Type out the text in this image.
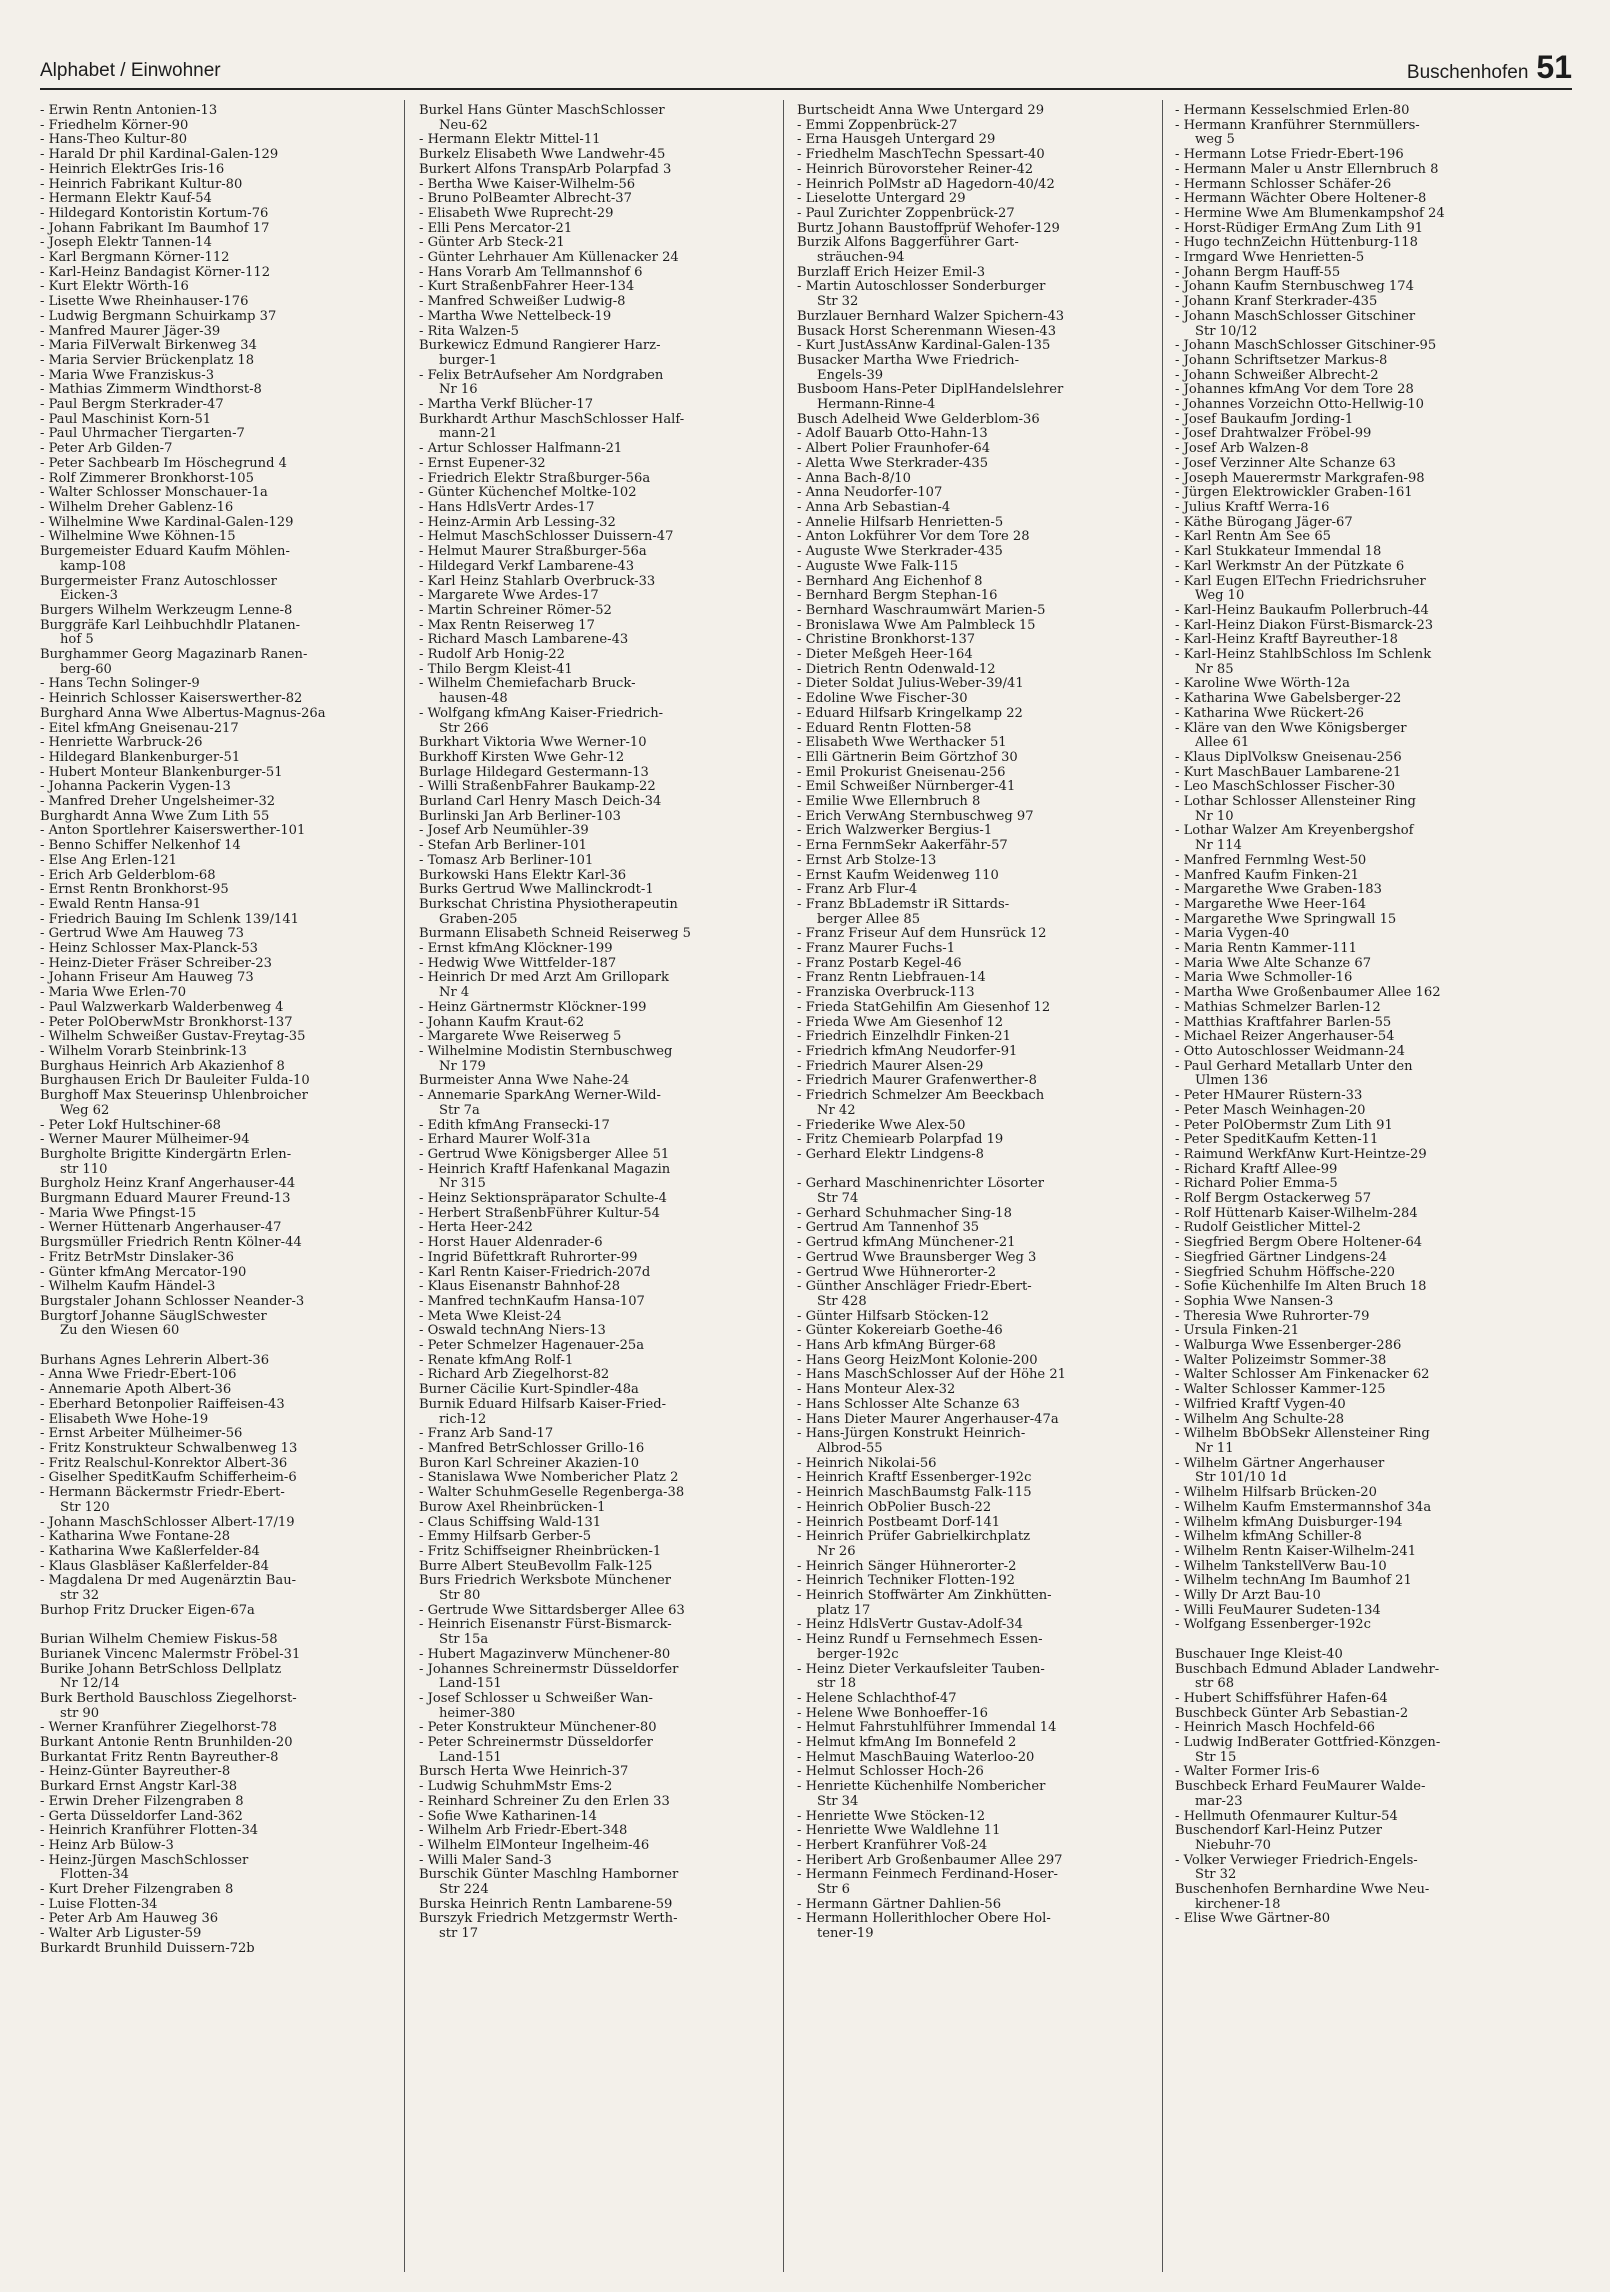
Alphabet / Einwohner	Buschenhofen 51
- Erwin Rentn Antonien-13
- Friedhelm Körner-90
- Hans-Theo Kultur-80
- Harald Dr phil Kardinal-Galen-129
- Heinrich ElektrGes Iris-16
- Heinrich Fabrikant Kultur-80
- Hermann Elektr Kauf-54
- Hildegard Kontoristin Kortum-76
- Johann Fabrikant Im Baumhof 17
- Joseph Elektr Tannen-14
- Karl Bergmann Körner-112
- Karl-Heinz Bandagist Körner-112
- Kurt Elektr Wörth-16
- Lisette Wwe Rheinhauser-176
- Ludwig Bergmann Schuirkamp 37
- Manfred Maurer Jäger-39
- Maria FilVerwalt Birkenweg 34
- Maria Servier Brückenplatz 18
- Maria Wwe Franziskus-3
- Mathias Zimmerm Windthorst-8
- Paul Bergm Sterkrader-47
- Paul Maschinist Korn-51
- Paul Uhrmacher Tiergarten-7
- Peter Arb Gilden-7
- Peter Sachbearb Im Höschegrund 4
- Rolf Zimmerer Bronkhorst-105
- Walter Schlosser Monschauer-1a
- Wilhelm Dreher Gablenz-16
- Wilhelmine Wwe Kardinal-Galen-129
- Wilhelmine Wwe Köhnen-15
Burgemeister Eduard Kaufm Möhlen-
kamp-108
Burgermeister Franz Autoschlosser
Eicken-3
Burgers Wilhelm Werkzeugm Lenne-8
Burggräfe Karl Leihbuchhdlr Platanen-
hof 5
Burghammer Georg Magazinarb Ranen-
berg-60
- Hans Techn Solinger-9
- Heinrich Schlosser Kaiserswerther-82
Burghard Anna Wwe Albertus-Magnus-26a
- Eitel kfmAng Gneisenau-217
- Henriette Warbruck-26
- Hildegard Blankenburger-51
- Hubert Monteur Blankenburger-51
- Johanna Packerin Vygen-13
- Manfred Dreher Ungelsheimer-32
Burghardt Anna Wwe Zum Lith 55
- Anton Sportlehrer Kaiserswerther-101
- Benno Schiffer Nelkenhof 14
- Else Ang Erlen-121
- Erich Arb Gelderblom-68
- Ernst Rentn Bronkhorst-95
- Ewald Rentn Hansa-91
- Friedrich Bauing Im Schlenk 139/141
- Gertrud Wwe Am Hauweg 73
- Heinz Schlosser Max-Planck-53
- Heinz-Dieter Fräser Schreiber-23
- Johann Friseur Am Hauweg 73
- Maria Wwe Erlen-70
- Paul Walzwerkarb Walderbenweg 4
- Peter PolOberwMstr Bronkhorst-137
- Wilhelm Schweißer Gustav-Freytag-35
- Wilhelm Vorarb Steinbrink-13
Burghaus Heinrich Arb Akazienhof 8
Burghausen Erich Dr Bauleiter Fulda-10
Burghoff Max Steuerinsp Uhlenbroicher
Weg 62
- Peter Lokf Hultschiner-68
- Werner Maurer Mülheimer-94
Burgholte Brigitte Kindergärtn Erlen-
str 110
Burgholz Heinz Kranf Angerhauser-44
Burgmann Eduard Maurer Freund-13
- Maria Wwe Pfingst-15
- Werner Hüttenarb Angerhauser-47
Burgsmüller Friedrich Rentn Kölner-44
- Fritz BetrMstr Dinslaker-36
- Günter kfmAng Mercator-190
- Wilhelm Kaufm Händel-3
Burgstaler Johann Schlosser Neander-3
Burgtorf Johanne SäuglSchwester
Zu den Wiesen 60

Burhans Agnes Lehrerin Albert-36
- Anna Wwe Friedr-Ebert-106
- Annemarie Apoth Albert-36
- Eberhard Betonpolier Raiffeisen-43
- Elisabeth Wwe Hohe-19
- Ernst Arbeiter Mülheimer-56
- Fritz Konstrukteur Schwalbenweg 13
- Fritz Realschul-Konrektor Albert-36
- Giselher SpeditKaufm Schifferheim-6
- Hermann Bäckermstr Friedr-Ebert-
Str 120
- Johann MaschSchlosser Albert-17/19
- Katharina Wwe Fontane-28
- Katharina Wwe Kaßlerfelder-84
- Klaus Glasbläser Kaßlerfelder-84
- Magdalena Dr med Augenärztin Bau-
str 32
Burhop Fritz Drucker Eigen-67a

Burian Wilhelm Chemiew Fiskus-58
Burianek Vincenc Malermstr Fröbel-31
Burike Johann BetrSchloss Dellplatz
Nr 12/14
Burk Berthold Bauschloss Ziegelhorst-
str 90
- Werner Kranführer Ziegelhorst-78
Burkant Antonie Rentn Brunhilden-20
Burkantat Fritz Rentn Bayreuther-8
- Heinz-Günter Bayreuther-8
Burkard Ernst Angstr Karl-38
- Erwin Dreher Filzengraben 8
- Gerta Düsseldorfer Land-362
- Heinrich Kranführer Flotten-34
- Heinz Arb Bülow-3
- Heinz-Jürgen MaschSchlosser
Flotten-34
- Kurt Dreher Filzengraben 8
- Luise Flotten-34
- Peter Arb Am Hauweg 36
- Walter Arb Liguster-59
Burkardt Brunhild Duissern-72b
Burkel Hans Günter MaschSchlosser
Neu-62
- Hermann Elektr Mittel-11
Burkelz Elisabeth Wwe Landwehr-45
Burkert Alfons TranspArb Polarpfad 3
- Bertha Wwe Kaiser-Wilhelm-56
- Bruno PolBeamter Albrecht-37
- Elisabeth Wwe Ruprecht-29
- Elli Pens Mercator-21
- Günter Arb Steck-21
- Günter Lehrhauer Am Küllenacker 24
- Hans Vorarb Am Tellmannshof 6
- Kurt StraßenbFahrer Heer-134
- Manfred Schweißer Ludwig-8
- Martha Wwe Nettelbeck-19
- Rita Walzen-5
Burkewicz Edmund Rangierer Harz-
burger-1
- Felix BetrAufseher Am Nordgraben
Nr 16
- Martha Verkf Blücher-17
Burkhardt Arthur MaschSchlosser Half-
mann-21
- Artur Schlosser Halfmann-21
- Ernst Eupener-32
- Friedrich Elektr Straßburger-56a
- Günter Küchenchef Moltke-102
- Hans HdlsVertr Ardes-17
- Heinz-Armin Arb Lessing-32
- Helmut MaschSchlosser Duissern-47
- Helmut Maurer Straßburger-56a
- Hildegard Verkf Lambarene-43
- Karl Heinz Stahlarb Overbruck-33
- Margarete Wwe Ardes-17
- Martin Schreiner Römer-52
- Max Rentn Reiserweg 17
- Richard Masch Lambarene-43
- Rudolf Arb Honig-22
- Thilo Bergm Kleist-41
- Wilhelm Chemiefacharb Bruck-
hausen-48
- Wolfgang kfmAng Kaiser-Friedrich-
Str 266
Burkhart Viktoria Wwe Werner-10
Burkhoff Kirsten Wwe Gehr-12
Burlage Hildegard Gestermann-13
- Willi StraßenbFahrer Baukamp-22
Burland Carl Henry Masch Deich-34
Burlinski Jan Arb Berliner-103
- Josef Arb Neumühler-39
- Stefan Arb Berliner-101
- Tomasz Arb Berliner-101
Burkowski Hans Elektr Karl-36
Burks Gertrud Wwe Mallinckrodt-1
Burkschat Christina Physiotherapeutin
Graben-205
Burmann Elisabeth Schneid Reiserweg 5
- Ernst kfmAng Klöckner-199
- Hedwig Wwe Wittfelder-187
- Heinrich Dr med Arzt Am Grillopark
Nr 4
- Heinz Gärtnermstr Klöckner-199
- Johann Kaufm Kraut-62
- Margarete Wwe Reiserweg 5
- Wilhelmine Modistin Sternbuschweg
Nr 179
Burmeister Anna Wwe Nahe-24
- Annemarie SparkAng Werner-Wild-
Str 7a
- Edith kfmAng Fransecki-17
- Erhard Maurer Wolf-31a
- Gertrud Wwe Königsberger Allee 51
- Heinrich Kraftf Hafenkanal Magazin
Nr 315
- Heinz Sektionspräparator Schulte-4
- Herbert StraßenbFührer Kultur-54
- Herta Heer-242
- Horst Hauer Aldenrader-6
- Ingrid Büfettkraft Ruhrorter-99
- Karl Rentn Kaiser-Friedrich-207d
- Klaus Eisenanstr Bahnhof-28
- Manfred technKaufm Hansa-107
- Meta Wwe Kleist-24
- Oswald technAng Niers-13
- Peter Schmelzer Hagenauer-25a
- Renate kfmAng Rolf-1
- Richard Arb Ziegelhorst-82
Burner Cäcilie Kurt-Spindler-48a
Burnik Eduard Hilfsarb Kaiser-Fried-
rich-12
- Franz Arb Sand-17
- Manfred BetrSchlosser Grillo-16
Buron Karl Schreiner Akazien-10
- Stanislawa Wwe Nombericher Platz 2
- Walter SchuhmGeselle Regenberga-38
Burow Axel Rheinbrücken-1
- Claus Schiffsing Wald-131
- Emmy Hilfsarb Gerber-5
- Fritz Schiffseigner Rheinbrücken-1
Burre Albert SteuBevollm Falk-125
Burs Friedrich Werksbote Münchener
Str 80
- Gertrude Wwe Sittardsberger Allee 63
- Heinrich Eisenanstr Fürst-Bismarck-
Str 15a
- Hubert Magazinverw Münchener-80
- Johannes Schreinermstr Düsseldorfer
Land-151
- Josef Schlosser u Schweißer Wan-
heimer-380
- Peter Konstrukteur Münchener-80
- Peter Schreinermstr Düsseldorfer
Land-151
Bursch Herta Wwe Heinrich-37
- Ludwig SchuhmMstr Ems-2
- Reinhard Schreiner Zu den Erlen 33
- Sofie Wwe Katharinen-14
- Wilhelm Arb Friedr-Ebert-348
- Wilhelm ElMonteur Ingelheim-46
- Willi Maler Sand-3
Burschik Günter Maschlng Hamborner
Str 224
Burska Heinrich Rentn Lambarene-59
Burszyk Friedrich Metzgermstr Werth-
str 17
Burtscheidt Anna Wwe Untergard 29
- Emmi Zoppenbrück-27
- Erna Hausgeh Untergard 29
- Friedhelm MaschTechn Spessart-40
- Heinrich Bürovorsteher Reiner-42
- Heinrich PolMstr aD Hagedorn-40/42
- Lieselotte Untergard 29
- Paul Zurichter Zoppenbrück-27
Burtz Johann Baustoffprüf Wehofer-129
Burzik Alfons Baggerführer Gart-
sträuchen-94
Burzlaff Erich Heizer Emil-3
- Martin Autoschlosser Sonderburger
Str 32
Burzlauer Bernhard Walzer Spichern-43
Busack Horst Scherenmann Wiesen-43
- Kurt JustAssAnw Kardinal-Galen-135
Busacker Martha Wwe Friedrich-
Engels-39
Busboom Hans-Peter DiplHandelslehrer
Hermann-Rinne-4
Busch Adelheid Wwe Gelderblom-36
- Adolf Bauarb Otto-Hahn-13
- Albert Polier Fraunhofer-64
- Aletta Wwe Sterkrader-435
- Anna Bach-8/10
- Anna Neudorfer-107
- Anna Arb Sebastian-4
- Annelie Hilfsarb Henrietten-5
- Anton Lokführer Vor dem Tore 28
- Auguste Wwe Sterkrader-435
- Auguste Wwe Falk-115
- Bernhard Ang Eichenhof 8
- Bernhard Bergm Stephan-16
- Bernhard Waschraumwärt Marien-5
- Bronislawa Wwe Am Palmbleck 15
- Christine Bronkhorst-137
- Dieter Meßgeh Heer-164
- Dietrich Rentn Odenwald-12
- Dieter Soldat Julius-Weber-39/41
- Edoline Wwe Fischer-30
- Eduard Hilfsarb Kringelkamp 22
- Eduard Rentn Flotten-58
- Elisabeth Wwe Werthacker 51
- Elli Gärtnerin Beim Görtzhof 30
- Emil Prokurist Gneisenau-256
- Emil Schweißer Nürnberger-41
- Emilie Wwe Ellernbruch 8
- Erich VerwAng Sternbuschweg 97
- Erich Walzwerker Bergius-1
- Erna FernmSekr Aakerfähr-57
- Ernst Arb Stolze-13
- Ernst Kaufm Weidenweg 110
- Franz Arb Flur-4
- Franz BbLademstr iR Sittards-
berger Allee 85
- Franz Friseur Auf dem Hunsrück 12
- Franz Maurer Fuchs-1
- Franz Postarb Kegel-46
- Franz Rentn Liebfrauen-14
- Franziska Overbruck-113
- Frieda StatGehilfin Am Giesenhof 12
- Frieda Wwe Am Giesenhof 12
- Friedrich Einzelhdlr Finken-21
- Friedrich kfmAng Neudorfer-91
- Friedrich Maurer Alsen-29
- Friedrich Maurer Grafenwerther-8
- Friedrich Schmelzer Am Beeckbach
Nr 42
- Friederike Wwe Alex-50
- Fritz Chemiearb Polarpfad 19
- Gerhard Elektr Lindgens-8

- Gerhard Maschinenrichter Lösorter
Str 74
- Gerhard Schuhmacher Sing-18
- Gertrud Am Tannenhof 35
- Gertrud kfmAng Münchener-21
- Gertrud Wwe Braunsberger Weg 3
- Gertrud Wwe Hühnerorter-2
- Günther Anschläger Friedr-Ebert-
Str 428
- Günter Hilfsarb Stöcken-12
- Günter Kokereiarb Goethe-46
- Hans Arb kfmAng Bürger-68
- Hans Georg HeizMont Kolonie-200
- Hans MaschSchlosser Auf der Höhe 21
- Hans Monteur Alex-32
- Hans Schlosser Alte Schanze 63
- Hans Dieter Maurer Angerhauser-47a
- Hans-Jürgen Konstrukt Heinrich-
Albrod-55
- Heinrich Nikolai-56
- Heinrich Kraftf Essenberger-192c
- Heinrich MaschBaumstg Falk-115
- Heinrich ObPolier Busch-22
- Heinrich Postbeamt Dorf-141
- Heinrich Prüfer Gabrielkirchplatz
Nr 26
- Heinrich Sänger Hühnerorter-2
- Heinrich Techniker Flotten-192
- Heinrich Stoffwärter Am Zinkhütten-
platz 17
- Heinz HdlsVertr Gustav-Adolf-34
- Heinz Rundf u Fernsehmech Essen-
berger-192c
- Heinz Dieter Verkaufsleiter Tauben-
str 18
- Helene Schlachthof-47
- Helene Wwe Bonhoeffer-16
- Helmut Fahrstuhlführer Immendal 14
- Helmut kfmAng Im Bonnefeld 2
- Helmut MaschBauing Waterloo-20
- Helmut Schlosser Hoch-26
- Henriette Küchenhilfe Nombericher
Str 34
- Henriette Wwe Stöcken-12
- Henriette Wwe Waldlehne 11
- Herbert Kranführer Voß-24
- Heribert Arb Großenbaumer Allee 297
- Hermann Feinmech Ferdinand-Hoser-
Str 6
- Hermann Gärtner Dahlien-56
- Hermann Hollerithlocher Obere Hol-
tener-19
- Hermann Kesselschmied Erlen-80
- Hermann Kranführer Sternmüllers-
weg 5
- Hermann Lotse Friedr-Ebert-196
- Hermann Maler u Anstr Ellernbruch 8
- Hermann Schlosser Schäfer-26
- Hermann Wächter Obere Holtener-8
- Hermine Wwe Am Blumenkampshof 24
- Horst-Rüdiger ErmAng Zum Lith 91
- Hugo technZeichn Hüttenburg-118
- Irmgard Wwe Henrietten-5
- Johann Bergm Hauff-55
- Johann Kaufm Sternbuschweg 174
- Johann Kranf Sterkrader-435
- Johann MaschSchlosser Gitschiner
Str 10/12
- Johann MaschSchlosser Gitschiner-95
- Johann Schriftsetzer Markus-8
- Johann Schweißer Albrecht-2
- Johannes kfmAng Vor dem Tore 28
- Johannes Vorzeichn Otto-Hellwig-10
- Josef Baukaufm Jording-1
- Josef Drahtwalzer Fröbel-99
- Josef Arb Walzen-8
- Josef Verzinner Alte Schanze 63
- Joseph Mauerermstr Markgrafen-98
- Jürgen Elektrowickler Graben-161
- Julius Kraftf Werra-16
- Käthe Bürogang Jäger-67
- Karl Rentn Am See 65
- Karl Stukkateur Immendal 18
- Karl Werkmstr An der Pützkate 6
- Karl Eugen ElTechn Friedrichsruher
Weg 10
- Karl-Heinz Baukaufm Pollerbruch-44
- Karl-Heinz Diakon Fürst-Bismarck-23
- Karl-Heinz Kraftf Bayreuther-18
- Karl-Heinz StahlbSchloss Im Schlenk
Nr 85
- Karoline Wwe Wörth-12a
- Katharina Wwe Gabelsberger-22
- Katharina Wwe Rückert-26
- Kläre van den Wwe Königsberger
Allee 61
- Klaus DiplVolksw Gneisenau-256
- Kurt MaschBauer Lambarene-21
- Leo MaschSchlosser Fischer-30
- Lothar Schlosser Allensteiner Ring
Nr 10
- Lothar Walzer Am Kreyenbergshof
Nr 114
- Manfred Fernmlng West-50
- Manfred Kaufm Finken-21
- Margarethe Wwe Graben-183
- Margarethe Wwe Heer-164
- Margarethe Wwe Springwall 15
- Maria Vygen-40
- Maria Rentn Kammer-111
- Maria Wwe Alte Schanze 67
- Maria Wwe Schmoller-16
- Martha Wwe Großenbaumer Allee 162
- Mathias Schmelzer Barlen-12
- Matthias Kraftfahrer Barlen-55
- Michael Reizer Angerhauser-54
- Otto Autoschlosser Weidmann-24
- Paul Gerhard Metallarb Unter den
Ulmen 136
- Peter HMaurer Rüstern-33
- Peter Masch Weinhagen-20
- Peter PolObermstr Zum Lith 91
- Peter SpeditKaufm Ketten-11
- Raimund WerkfAnw Kurt-Heintze-29
- Richard Kraftf Allee-99
- Richard Polier Emma-5
- Rolf Bergm Ostackerweg 57
- Rolf Hüttenarb Kaiser-Wilhelm-284
- Rudolf Geistlicher Mittel-2
- Siegfried Bergm Obere Holtener-64
- Siegfried Gärtner Lindgens-24
- Siegfried Schuhm Höffsche-220
- Sofie Küchenhilfe Im Alten Bruch 18
- Sophia Wwe Nansen-3
- Theresia Wwe Ruhrorter-79
- Ursula Finken-21
- Walburga Wwe Essenberger-286
- Walter Polizeimstr Sommer-38
- Walter Schlosser Am Finkenacker 62
- Walter Schlosser Kammer-125
- Wilfried Kraftf Vygen-40
- Wilhelm Ang Schulte-28
- Wilhelm BbObSekr Allensteiner Ring
Nr 11
- Wilhelm Gärtner Angerhauser
Str 101/10 1d
- Wilhelm Hilfsarb Brücken-20
- Wilhelm Kaufm Emstermannshof 34a
- Wilhelm kfmAng Duisburger-194
- Wilhelm kfmAng Schiller-8
- Wilhelm Rentn Kaiser-Wilhelm-241
- Wilhelm TankstellVerw Bau-10
- Wilhelm technAng Im Baumhof 21
- Willy Dr Arzt Bau-10
- Willi FeuMaurer Sudeten-134
- Wolfgang Essenberger-192c

Buschauer Inge Kleist-40
Buschbach Edmund Ablader Landwehr-
str 68
- Hubert Schiffsführer Hafen-64
Buschbeck Günter Arb Sebastian-2
- Heinrich Masch Hochfeld-66
- Ludwig IndBerater Gottfried-Könzgen-
Str 15
- Walter Former Iris-6
Buschbeck Erhard FeuMaurer Walde-
mar-23
- Hellmuth Ofenmaurer Kultur-54
Buschendorf Karl-Heinz Putzer
Niebuhr-70
- Volker Verwieger Friedrich-Engels-
Str 32
Buschenhofen Bernhardine Wwe Neu-
kirchener-18
- Elise Wwe Gärtner-80
